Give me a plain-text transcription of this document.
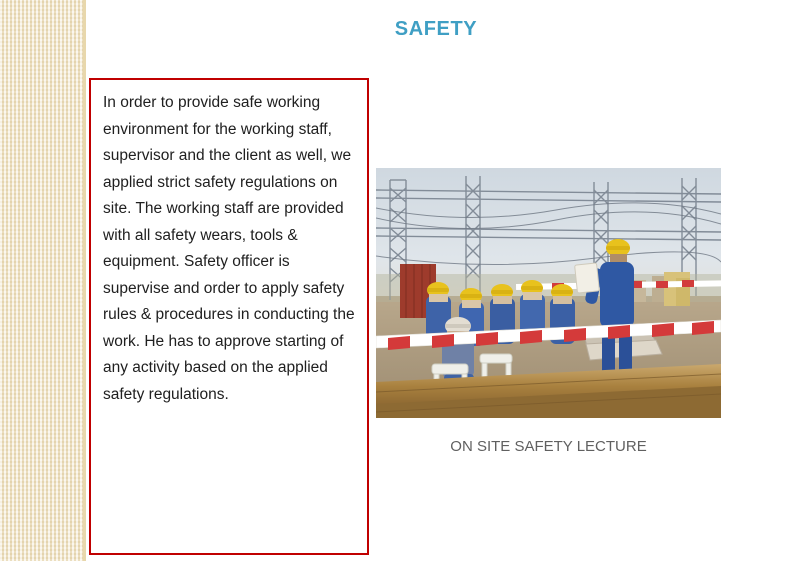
SAFETY

In order to provide safe working environment for the working staff, supervisor and the client as well, we applied strict safety regulations on site. The working staff are provided with all safety wears, tools & equipment. Safety officer is supervise and order to apply safety rules & procedures in conducting the work. He has to approve starting of any activity based on the applied safety regulations.

ON SITE SAFETY LECTURE
